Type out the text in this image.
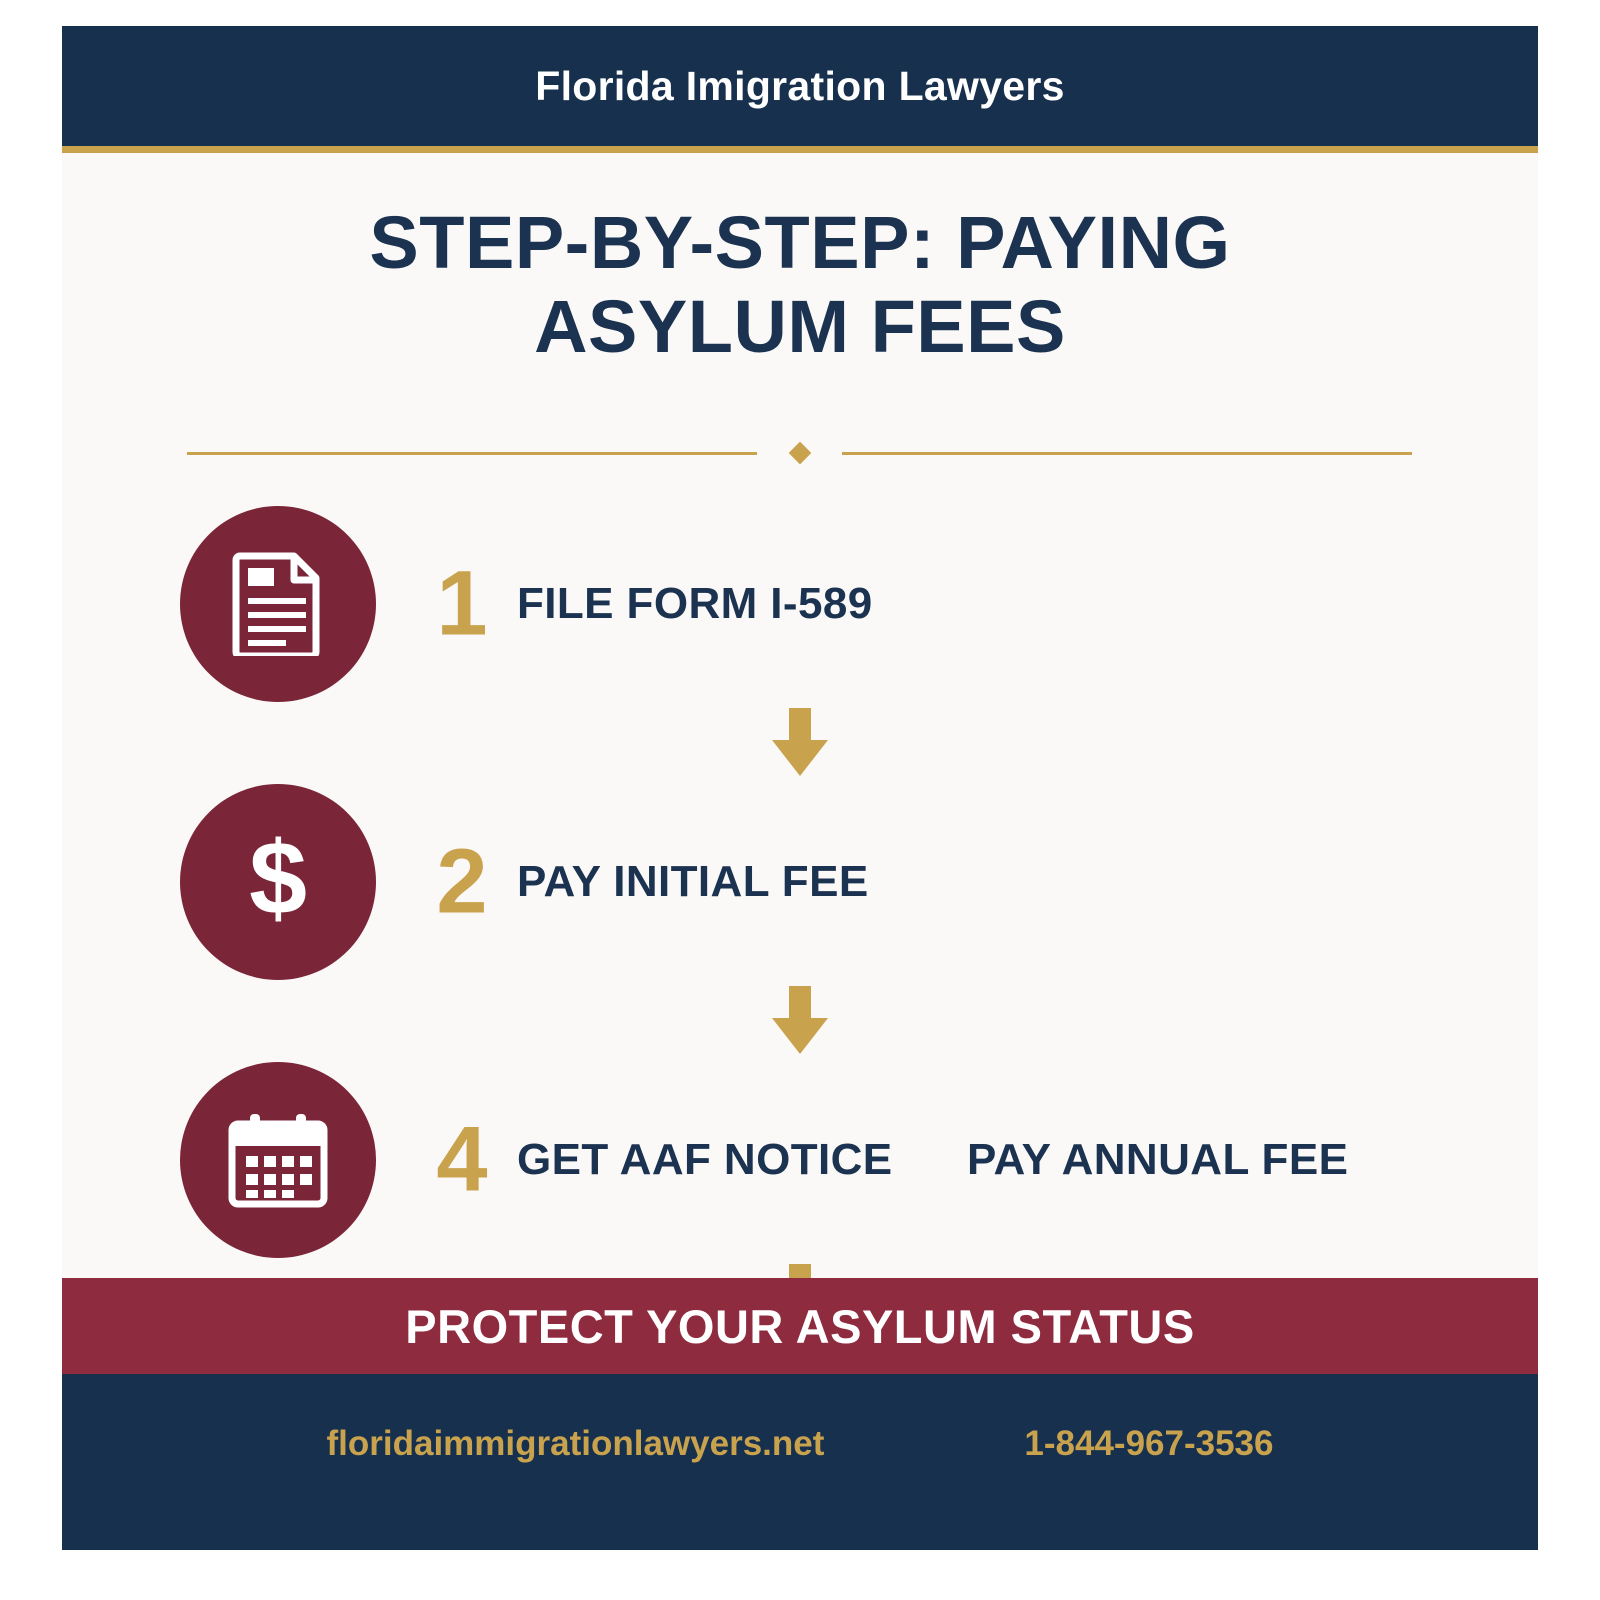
Florida Imigration Lawyers
STEP-BY-STEP: PAYING
ASYLUM FEES
1 FILE FORM I-589
$ 2 PAY INITIAL FEE
4 GET AAF NOTICE PAY ANNUAL FEE
PROTECT YOUR ASYLUM STATUS
floridaimmigrationlawyers.net	1-844-967-3536
